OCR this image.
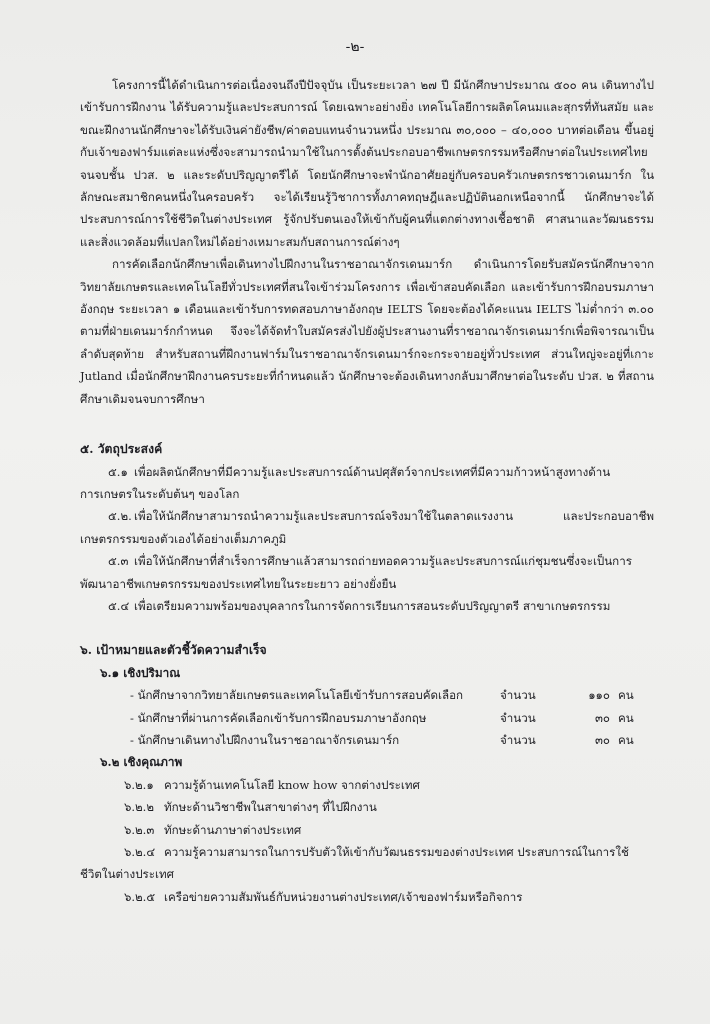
-๒-

โครงการนี้ได้ดำเนินการต่อเนื่องจนถึงปีปัจจุบัน เป็นระยะเวลา ๒๗ ปี มีนักศึกษาประมาณ ๕๐๐ คน เดินทางไปเข้ารับการฝึกงาน ได้รับความรู้และประสบการณ์ โดยเฉพาะอย่างยิ่ง เทคโนโลยีการผลิตโคนมและสุกรที่ทันสมัย และขณะฝึกงานนักศึกษาจะได้รับเงินค่ายังชีพ/ค่าตอบแทนจำนวนหนึ่ง ประมาณ ๓๐,๐๐๐ – ๔๐,๐๐๐ บาทต่อเดือน ขึ้นอยู่กับเจ้าของฟาร์มแต่ละแห่งซึ่งจะสามารถนำมาใช้ในการตั้งต้นประกอบอาชีพเกษตรกรรมหรือศึกษาต่อในประเทศไทย จนจบชั้น ปวส. ๒ และระดับปริญญาตรีได้ โดยนักศึกษาจะพำนักอาศัยอยู่กับครอบครัวเกษตรกรชาวเดนมาร์ก ในลักษณะสมาชิกคนหนึ่งในครอบครัว จะได้เรียนรู้วิชาการทั้งภาคทฤษฎีและปฏิบัตินอกเหนือจากนี้ นักศึกษาจะได้ประสบการณ์การใช้ชีวิตในต่างประเทศ รู้จักปรับตนเองให้เข้ากับผู้คนที่แตกต่างทางเชื้อชาติ ศาสนาและวัฒนธรรม และสิ่งแวดล้อมที่แปลกใหม่ได้อย่างเหมาะสมกับสถานการณ์ต่างๆ

การคัดเลือกนักศึกษาเพื่อเดินทางไปฝึกงานในราชอาณาจักรเดนมาร์ก ดำเนินการโดยรับสมัครนักศึกษาจากวิทยาลัยเกษตรและเทคโนโลยีทั่วประเทศที่สนใจเข้าร่วมโครงการ เพื่อเข้าสอบคัดเลือก และเข้ารับการฝึกอบรมภาษาอังกฤษ ระยะเวลา ๑ เดือนและเข้ารับการทดสอบภาษาอังกฤษ IELTS โดยจะต้องได้คะแนน IELTS ไม่ต่ำกว่า ๓.๐๐ ตามที่ฝ่ายเดนมาร์กกำหนด จึงจะได้จัดทำใบสมัครส่งไปยังผู้ประสานงานที่ราชอาณาจักรเดนมาร์กเพื่อพิจารณาเป็นลำดับสุดท้าย สำหรับสถานที่ฝึกงานฟาร์มในราชอาณาจักรเดนมาร์กจะกระจายอยู่ทั่วประเทศ ส่วนใหญ่จะอยู่ที่เกาะ Jutland เมื่อนักศึกษาฝึกงานครบระยะที่กำหนดแล้ว นักศึกษาจะต้องเดินทางกลับมาศึกษาต่อในระดับ ปวส. ๒ ที่สถานศึกษาเดิมจนจบการศึกษา

๕. วัตถุประสงค์

๕.๑ เพื่อผลิตนักศึกษาที่มีความรู้และประสบการณ์ด้านปศุสัตว์จากประเทศที่มีความก้าวหน้าสูงทางด้านการเกษตรในระดับต้นๆ ของโลก

๕.๒. เพื่อให้นักศึกษาสามารถนำความรู้และประสบการณ์จริงมาใช้ในตลาดแรงงาน และประกอบอาชีพเกษตรกรรมของตัวเองได้อย่างเต็มภาคภูมิ

๕.๓ เพื่อให้นักศึกษาที่สำเร็จการศึกษาแล้วสามารถถ่ายทอดความรู้และประสบการณ์แก่ชุมชนซึ่งจะเป็นการพัฒนาอาชีพเกษตรกรรมของประเทศไทยในระยะยาว อย่างยั่งยืน

๕.๔ เพื่อเตรียมความพร้อมของบุคลากรในการจัดการเรียนการสอนระดับปริญญาตรี สาขาเกษตรกรรม

๖. เป้าหมายและตัวชี้วัดความสำเร็จ

๖.๑ เชิงปริมาณ

- นักศึกษาจากวิทยาลัยเกษตรและเทคโนโลยีเข้ารับการสอบคัดเลือก	จำนวน	๑๑๐ คน
- นักศึกษาที่ผ่านการคัดเลือกเข้ารับการฝึกอบรมภาษาอังกฤษ	จำนวน	๓๐ คน
- นักศึกษาเดินทางไปฝึกงานในราชอาณาจักรเดนมาร์ก	จำนวน	๓๐ คน

๖.๒ เชิงคุณภาพ

๖.๒.๑ ความรู้ด้านเทคโนโลยี know how จากต่างประเทศ

๖.๒.๒ ทักษะด้านวิชาชีพในสาขาต่างๆ ที่ไปฝึกงาน

๖.๒.๓ ทักษะด้านภาษาต่างประเทศ

๖.๒.๔ ความรู้ความสามารถในการปรับตัวให้เข้ากับวัฒนธรรมของต่างประเทศ ประสบการณ์ในการใช้

ชีวิตในต่างประเทศ

๖.๒.๕ เครือข่ายความสัมพันธ์กับหน่วยงานต่างประเทศ/เจ้าของฟาร์มหรือกิจการ
